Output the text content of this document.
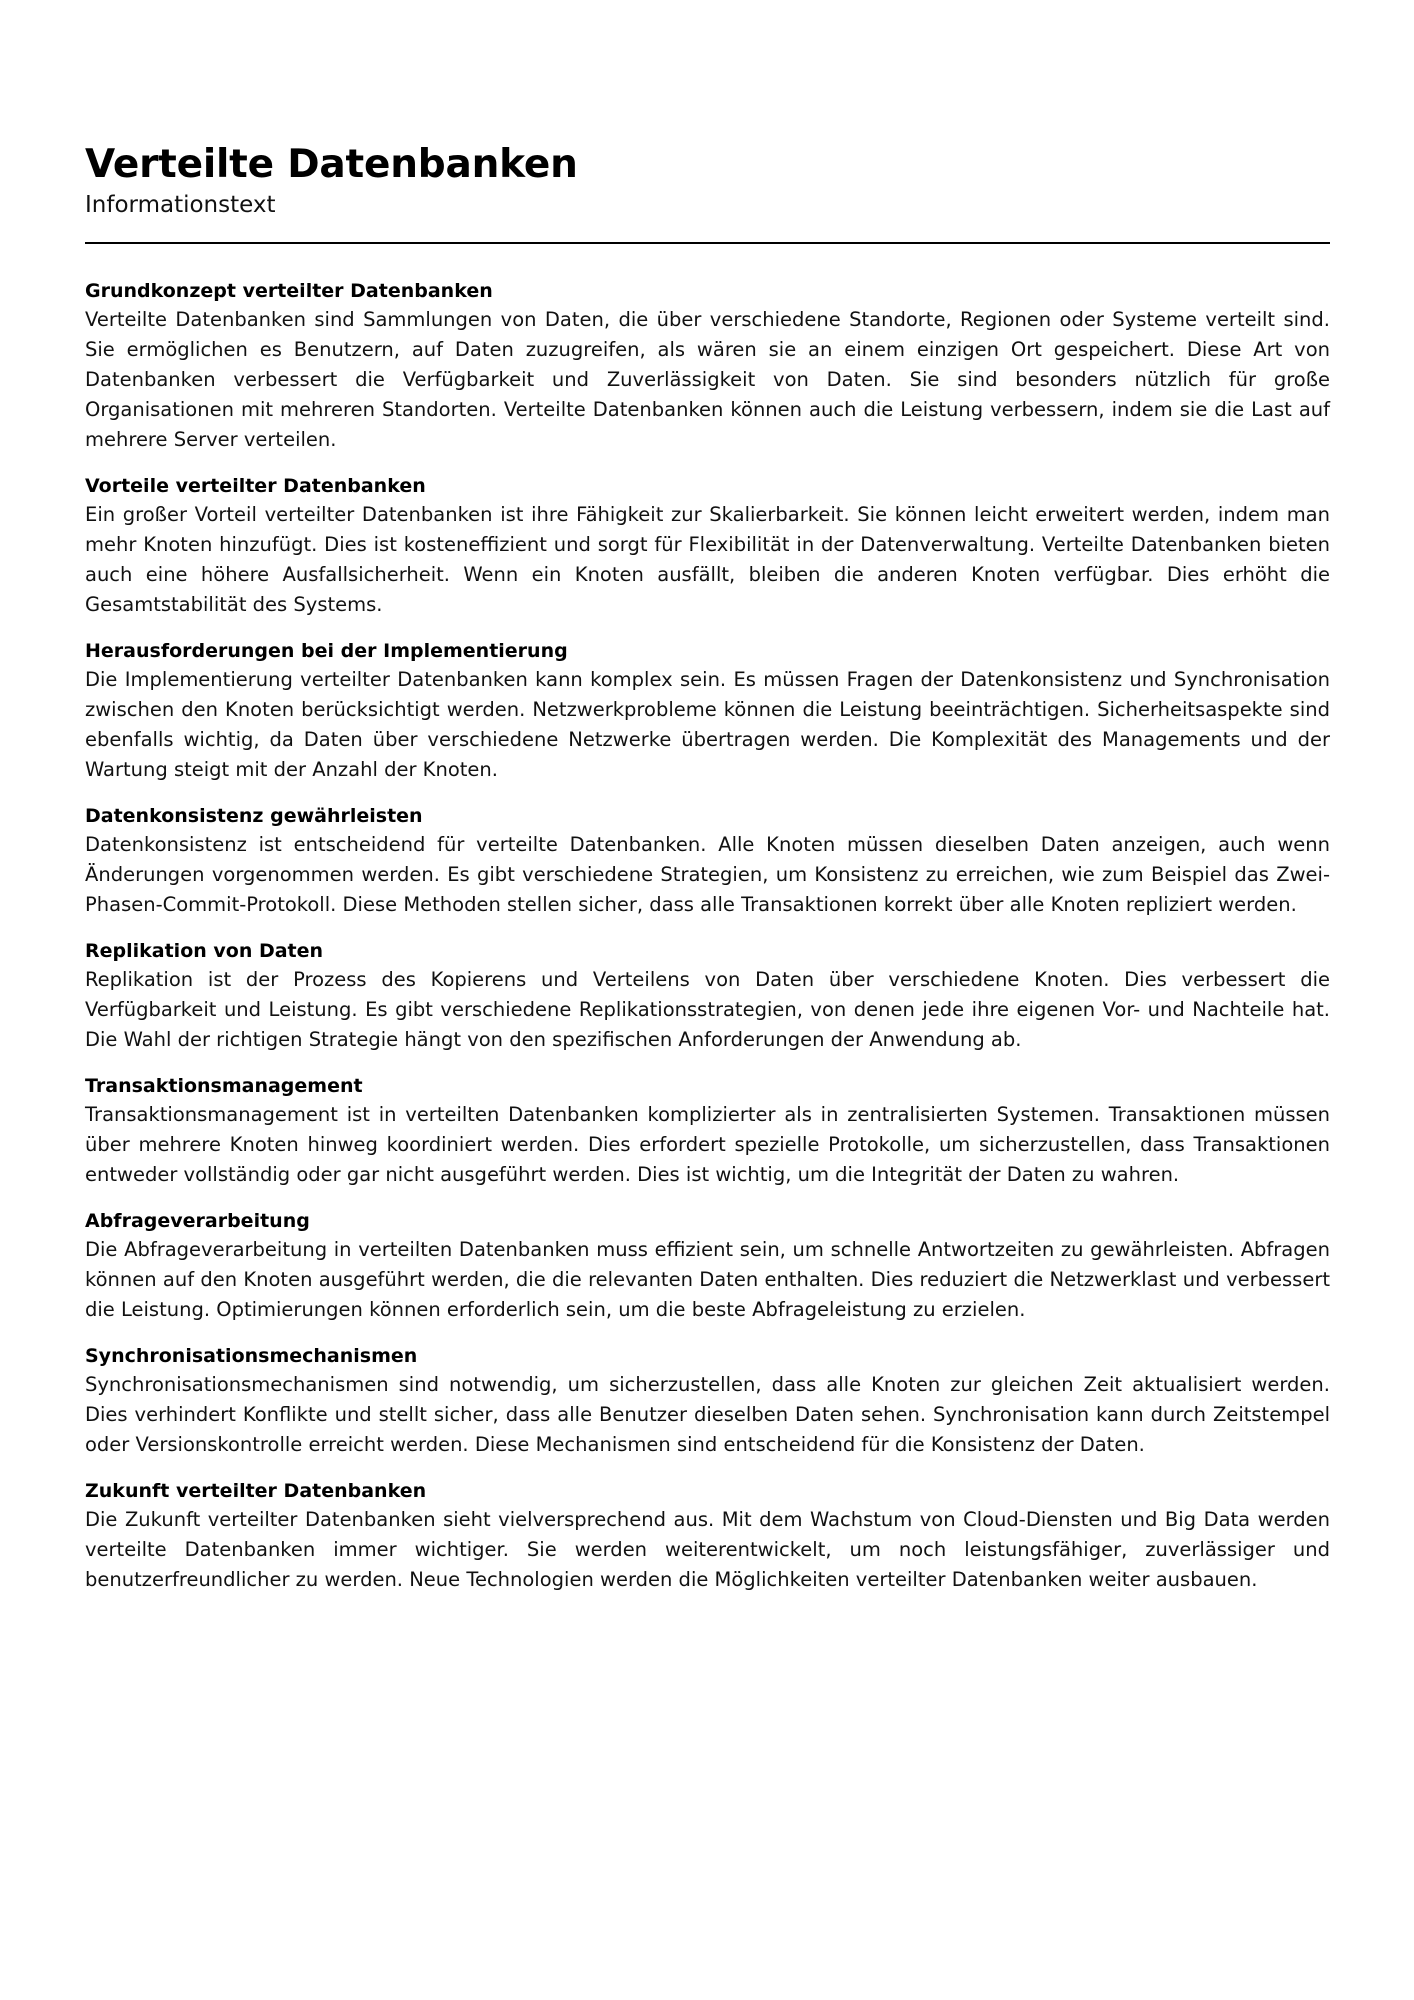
Verteilte Datenbanken
Informationstext
Grundkonzept verteilter Datenbanken

Verteilte Datenbanken sind Sammlungen von Daten, die über verschiedene Standorte, Regionen oder Systeme verteilt sind. Sie ermöglichen es Benutzern, auf Daten zuzugreifen, als wären sie an einem einzigen Ort gespeichert. Diese Art von Datenbanken verbessert die Verfügbarkeit und Zuverlässigkeit von Daten. Sie sind besonders nützlich für große Organisationen mit mehreren Standorten. Verteilte Datenbanken können auch die Leistung verbessern, indem sie die Last auf mehrere Server verteilen.

Vorteile verteilter Datenbanken

Ein großer Vorteil verteilter Datenbanken ist ihre Fähigkeit zur Skalierbarkeit. Sie können leicht erweitert werden, indem man mehr Knoten hinzufügt. Dies ist kosteneffizient und sorgt für Flexibilität in der Datenverwaltung. Verteilte Datenbanken bieten auch eine höhere Ausfallsicherheit. Wenn ein Knoten ausfällt, bleiben die anderen Knoten verfügbar. Dies erhöht die Gesamtstabilität des Systems.

Herausforderungen bei der Implementierung

Die Implementierung verteilter Datenbanken kann komplex sein. Es müssen Fragen der Datenkonsistenz und Synchronisation zwischen den Knoten berücksichtigt werden. Netzwerkprobleme können die Leistung beeinträchtigen. Sicherheitsaspekte sind ebenfalls wichtig, da Daten über verschiedene Netzwerke übertragen werden. Die Komplexität des Managements und der Wartung steigt mit der Anzahl der Knoten.

Datenkonsistenz gewährleisten

Datenkonsistenz ist entscheidend für verteilte Datenbanken. Alle Knoten müssen dieselben Daten anzeigen, auch wenn Änderungen vorgenommen werden. Es gibt verschiedene Strategien, um Konsistenz zu erreichen, wie zum Beispiel das Zwei-Phasen-Commit-Protokoll. Diese Methoden stellen sicher, dass alle Transaktionen korrekt über alle Knoten repliziert werden.

Replikation von Daten

Replikation ist der Prozess des Kopierens und Verteilens von Daten über verschiedene Knoten. Dies verbessert die Verfügbarkeit und Leistung. Es gibt verschiedene Replikationsstrategien, von denen jede ihre eigenen Vor- und Nachteile hat. Die Wahl der richtigen Strategie hängt von den spezifischen Anforderungen der Anwendung ab.

Transaktionsmanagement

Transaktionsmanagement ist in verteilten Datenbanken komplizierter als in zentralisierten Systemen. Transaktionen müssen über mehrere Knoten hinweg koordiniert werden. Dies erfordert spezielle Protokolle, um sicherzustellen, dass Transaktionen entweder vollständig oder gar nicht ausgeführt werden. Dies ist wichtig, um die Integrität der Daten zu wahren.

Abfrageverarbeitung

Die Abfrageverarbeitung in verteilten Datenbanken muss effizient sein, um schnelle Antwortzeiten zu gewährleisten. Abfragen können auf den Knoten ausgeführt werden, die die relevanten Daten enthalten. Dies reduziert die Netzwerklast und verbessert die Leistung. Optimierungen können erforderlich sein, um die beste Abfrageleistung zu erzielen.

Synchronisationsmechanismen

Synchronisationsmechanismen sind notwendig, um sicherzustellen, dass alle Knoten zur gleichen Zeit aktualisiert werden. Dies verhindert Konflikte und stellt sicher, dass alle Benutzer dieselben Daten sehen. Synchronisation kann durch Zeitstempel oder Versionskontrolle erreicht werden. Diese Mechanismen sind entscheidend für die Konsistenz der Daten.

Zukunft verteilter Datenbanken

Die Zukunft verteilter Datenbanken sieht vielversprechend aus. Mit dem Wachstum von Cloud-Diensten und Big Data werden verteilte Datenbanken immer wichtiger. Sie werden weiterentwickelt, um noch leistungsfähiger, zuverlässiger und benutzerfreundlicher zu werden. Neue Technologien werden die Möglichkeiten verteilter Datenbanken weiter ausbauen.
